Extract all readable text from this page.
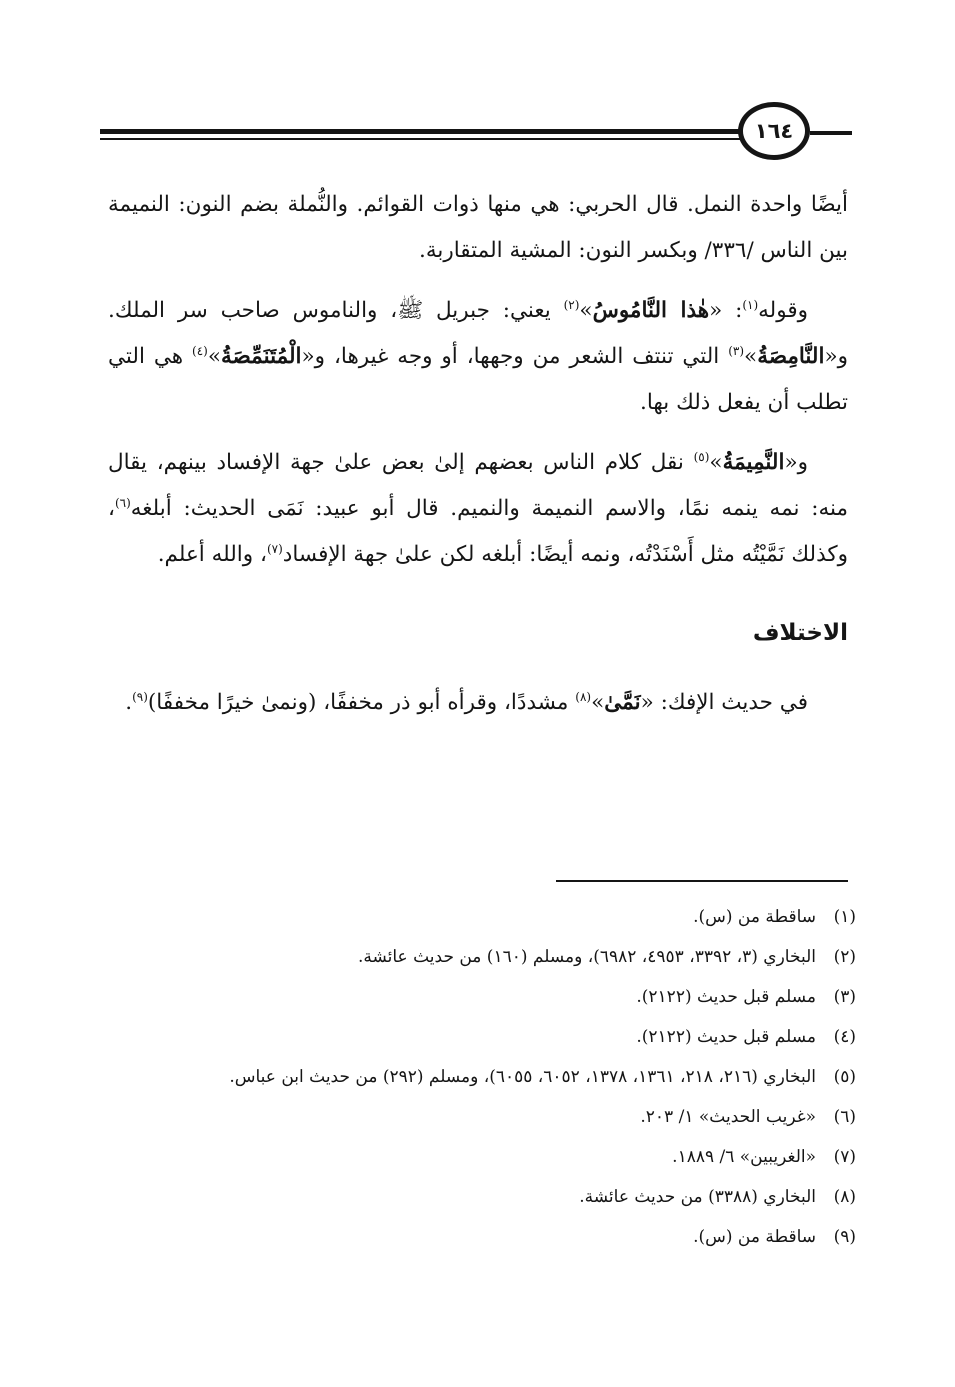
١٦٤

أيضًا واحدة النمل. قال الحربي: هي منها ذوات القوائم. والنُّملة بضم النون: النميمة بين الناس /٣٣٦/ وبكسر النون: المشية المتقاربة.

وقوله$^{(١)}$: «هٰذا النَّامُوسُ»$^{(٢)}$ يعني: جبريل ﷺ، والناموس صاحب سر الملك. و«النَّامِصَةُ»$^{(٣)}$ التي تنتف الشعر من وجهها، أو وجه غيرها، و«الْمُتَنَمِّصَةُ»$^{(٤)}$ هي التي تطلب أن يفعل ذلك بها.

و«النَّمِيمَةُ»$^{(٥)}$ نقل كلام الناس بعضهم إلىٰ بعض علىٰ جهة الإفساد بينهم، يقال منه: نمه ينمه نمًا، والاسم النميمة والنميم. قال أبو عبيد: نَمَى الحديث: أبلغه$^{(٦)}$، وكذلك نَمَّيْتُه مثل أَسْنَدْتُه، ونمه أيضًا: أبلغه لكن علىٰ جهة الإفساد$^{(٧)}$، والله أعلم.

الاختلاف

في حديث الإفك: «نَمَّىٰ»$^{(٨)}$ مشددًا، وقرأه أبو ذر مخففًا، (ونمىٰ خيرًا مخففًا)$^{(٩)}$.

(١)
ساقطة من (س).
(٢)
البخاري (٣، ٣٣٩٢، ٤٩٥٣، ٦٩٨٢)، ومسلم (١٦٠) من حديث عائشة.
(٣)
مسلم قبل حديث (٢١٢٢).
(٤)
مسلم قبل حديث (٢١٢٢).
(٥)
البخاري (٢١٦، ٢١٨، ١٣٦١، ١٣٧٨، ٦٠٥٢، ٦٠٥٥)، ومسلم (٢٩٢) من حديث ابن عباس.
(٦)
«غريب الحديث» ١/ ٢٠٣.
(٧)
«الغريبين» ٦/ ١٨٨٩.
(٨)
البخاري (٣٣٨٨) من حديث عائشة.
(٩)
ساقطة من (س).
